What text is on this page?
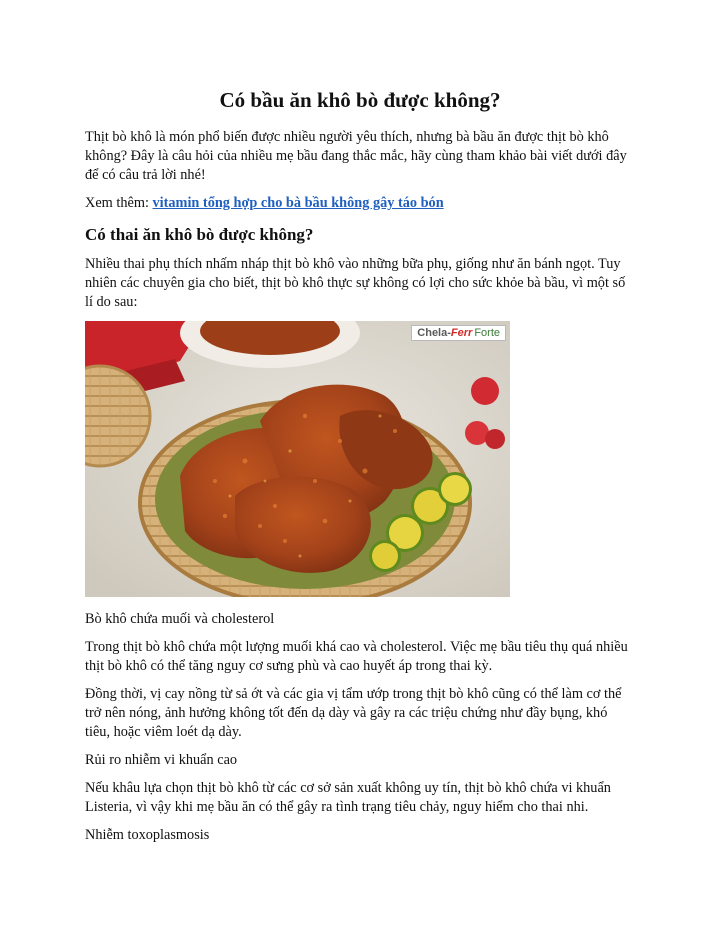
Có bầu ăn khô bò được không?

Thịt bò khô là món phổ biến được nhiều người yêu thích, nhưng bà bầu ăn được thịt bò khô không? Đây là câu hỏi của nhiều mẹ bầu đang thắc mắc, hãy cùng tham khảo bài viết dưới đây để có câu trả lời nhé!

Xem thêm: vitamin tổng hợp cho bà bầu không gây táo bón

Có thai ăn khô bò được không?

Nhiều thai phụ thích nhấm nháp thịt bò khô vào những bữa phụ, giống như ăn bánh ngọt. Tuy nhiên các chuyên gia cho biết, thịt bò khô thực sự không có lợi cho sức khỏe bà bầu, vì một số lí do sau:

Chela-Ferr Forte

Bò khô chứa muối và cholesterol

Trong thịt bò khô chứa một lượng muối khá cao và cholesterol. Việc mẹ bầu tiêu thụ quá nhiều thịt bò khô có thể tăng nguy cơ sưng phù và cao huyết áp trong thai kỳ.

Đồng thời, vị cay nồng từ sả ớt và các gia vị tẩm ướp trong thịt bò khô cũng có thể làm cơ thể trở nên nóng, ảnh hưởng không tốt đến dạ dày và gây ra các triệu chứng như đầy bụng, khó tiêu, hoặc viêm loét dạ dày.

Rủi ro nhiễm vi khuẩn cao

Nếu khâu lựa chọn thịt bò khô từ các cơ sở sản xuất không uy tín, thịt bò khô chứa vi khuẩn Listeria, vì vậy khi mẹ bầu ăn có thể gây ra tình trạng tiêu chảy, nguy hiểm cho thai nhi.

Nhiễm toxoplasmosis
